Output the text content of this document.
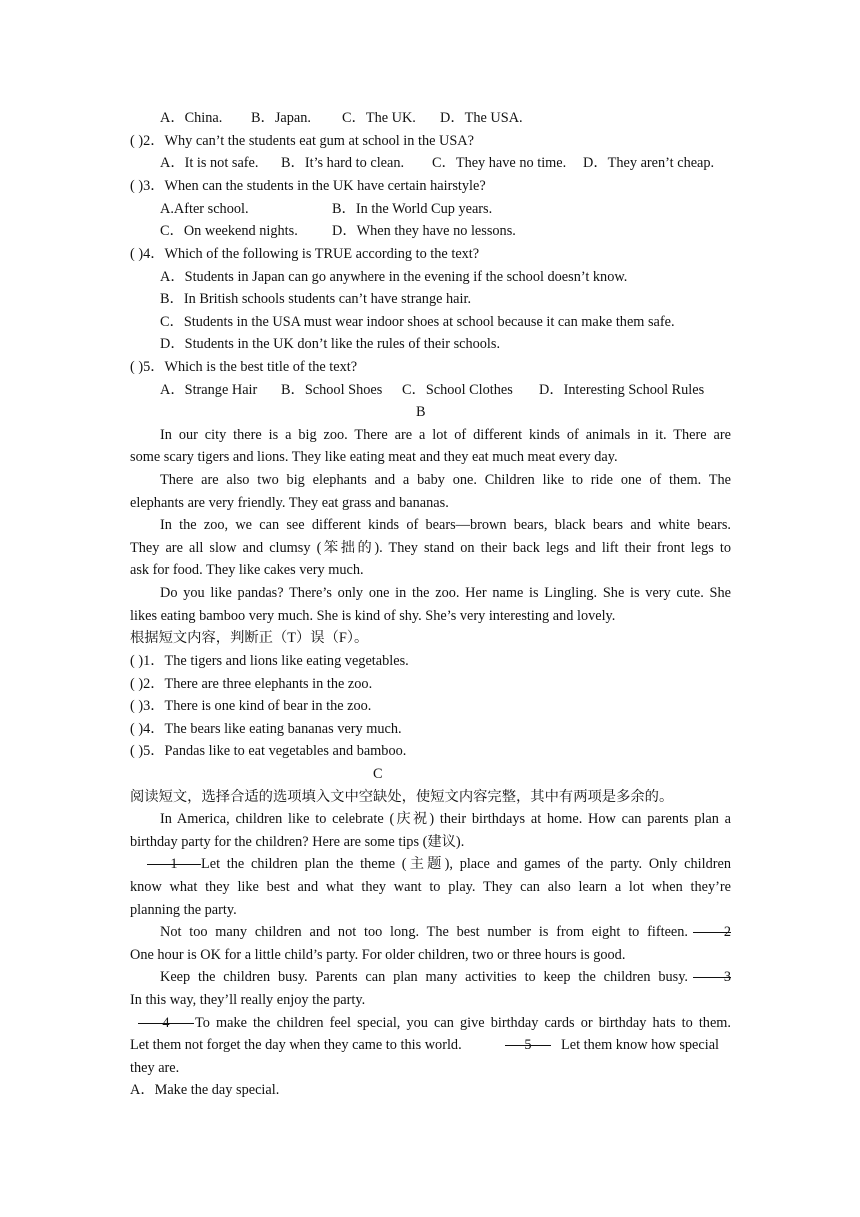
A．China. B．Japan. C．The UK. D．The USA.
( )2．Why can’t the students eat gum at school in the USA?
A．It is not safe. B．It’s hard to clean. C．They have no time. D．They aren’t cheap.
( )3．When can the students in the UK have certain hairstyle?
A.After school.	B．In the World Cup years.
C．On weekend nights. D．When they have no lessons.
( )4．Which of the following is TRUE according to the text?
A．Students in Japan can go anywhere in the evening if the school doesn’t know.
B．In British schools students can’t have strange hair.
C．Students in the USA must wear indoor shoes at school because it can make them safe.
D．Students in the UK don’t like the rules of their schools.
( )5．Which is the best title of the text?
A．Strange Hair B．School Shoes C．School Clothes D．Interesting School Rules
B
In our city there is a big zoo. There are a lot of different kinds of animals in it. There are
some scary tigers and lions. They like eating meat and they eat much meat every day.
There are also two big elephants and a baby one. Children like to ride one of them. The
elephants are very friendly. They eat grass and bananas.
In the zoo, we can see different kinds of bears—brown bears, black bears and white bears.
They are all slow and clumsy (笨拙的). They stand on their back legs and lift their front legs to
ask for food. They like cakes very much.
Do you like pandas? There’s only one in the zoo. Her name is Lingling. She is very cute. She
likes eating bamboo very much. She is kind of shy. She’s very interesting and lovely.
根据短文内容，判断正（T）误（F）。
( )1．The tigers and lions like eating vegetables.
( )2．There are three elephants in the zoo.
( )3．There is one kind of bear in the zoo.
( )4．The bears like eating bananas very much.
( )5．Pandas like to eat vegetables and bamboo.
C
阅读短文，选择合适的选项填入文中空缺处，使短文内容完整，其中有两项是多余的。
In America, children like to celebrate (庆祝) their birthdays at home. How can parents plan a
birthday party for the children? Here are some tips (建议).
1	Let the children plan the theme (主题), place and games of the party. Only children
know what they like best and what they want to play. They can also learn a lot when they’re
planning the party.
Not too many children and not too long. The best number is from eight to fifteen.	2
One hour is OK for a little child’s party. For older children, two or three hours is good.
Keep the children busy. Parents can plan many activities to keep the children busy.	3
In this way, they’ll really enjoy the party.
4	To make the children feel special, you can give birthday cards or birthday hats to them.
Let them not forget the day when they came to this world.	5	Let them know how special
they are.
A．Make the day special.
